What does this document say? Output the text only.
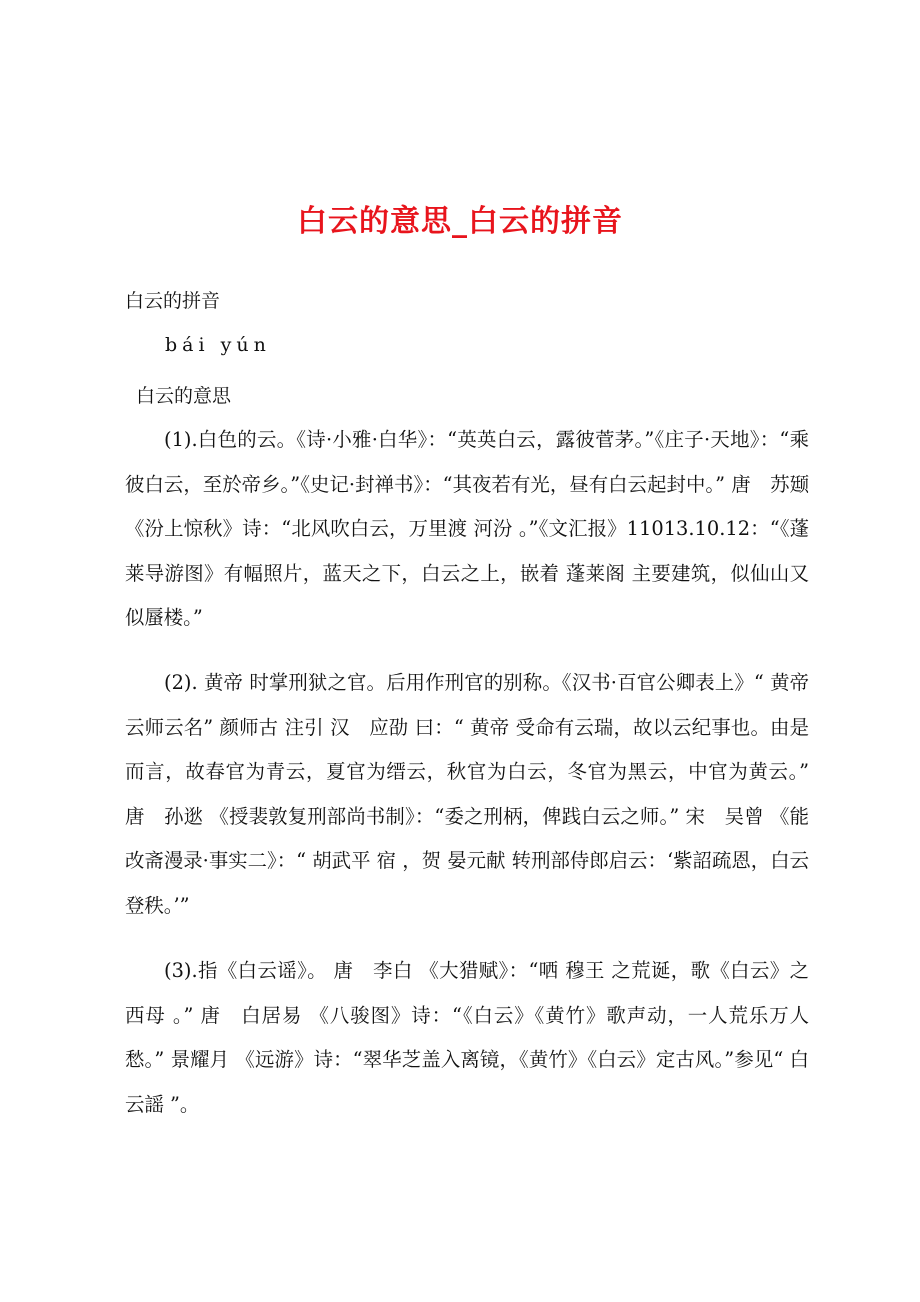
白云的意思_白云的拼音
白云的拼音
bái yún
白云的意思

(1).白色的云。《诗·小雅·白华》：“英英白云，露彼菅茅。”《庄子·天地》：“乘彼白云，至於帝乡。”《史记·封禅书》：“其夜若有光，昼有白云起封中。” 唐　苏颋 《汾上惊秋》诗：“北风吹白云，万里渡 河汾 。”《文汇报》11013.10.12：“《蓬莱导游图》有幅照片，蓝天之下，白云之上，嵌着 蓬莱阁 主要建筑，似仙山又似蜃楼。”

(2). 黄帝 时掌刑狱之官。后用作刑官的别称。《汉书·百官公卿表上》“ 黄帝 云师云名” 颜师古 注引 汉　应劭 曰：“ 黄帝 受命有云瑞，故以云纪事也。由是而言，故春官为青云，夏官为缙云，秋官为白云，冬官为黑云，中官为黄云。” 唐　孙逖 《授裴敦复刑部尚书制》：“委之刑柄，俾践白云之师。” 宋　吴曾 《能改斋漫录·事实二》：“ 胡武平 宿 ，贺 晏元献 转刑部侍郎启云：‘紫詔疏恩，白云登秩。’”

(3).指《白云谣》。 唐　李白 《大猎赋》：“哂 穆王 之荒诞，歌《白云》之 西母 。” 唐　白居易 《八骏图》诗：“《白云》《黄竹》歌声动，一人荒乐万人愁。” 景耀月 《远游》诗：“翠华芝盖入离镜，《黄竹》《白云》定古风。”参见“ 白云謡 ”。
